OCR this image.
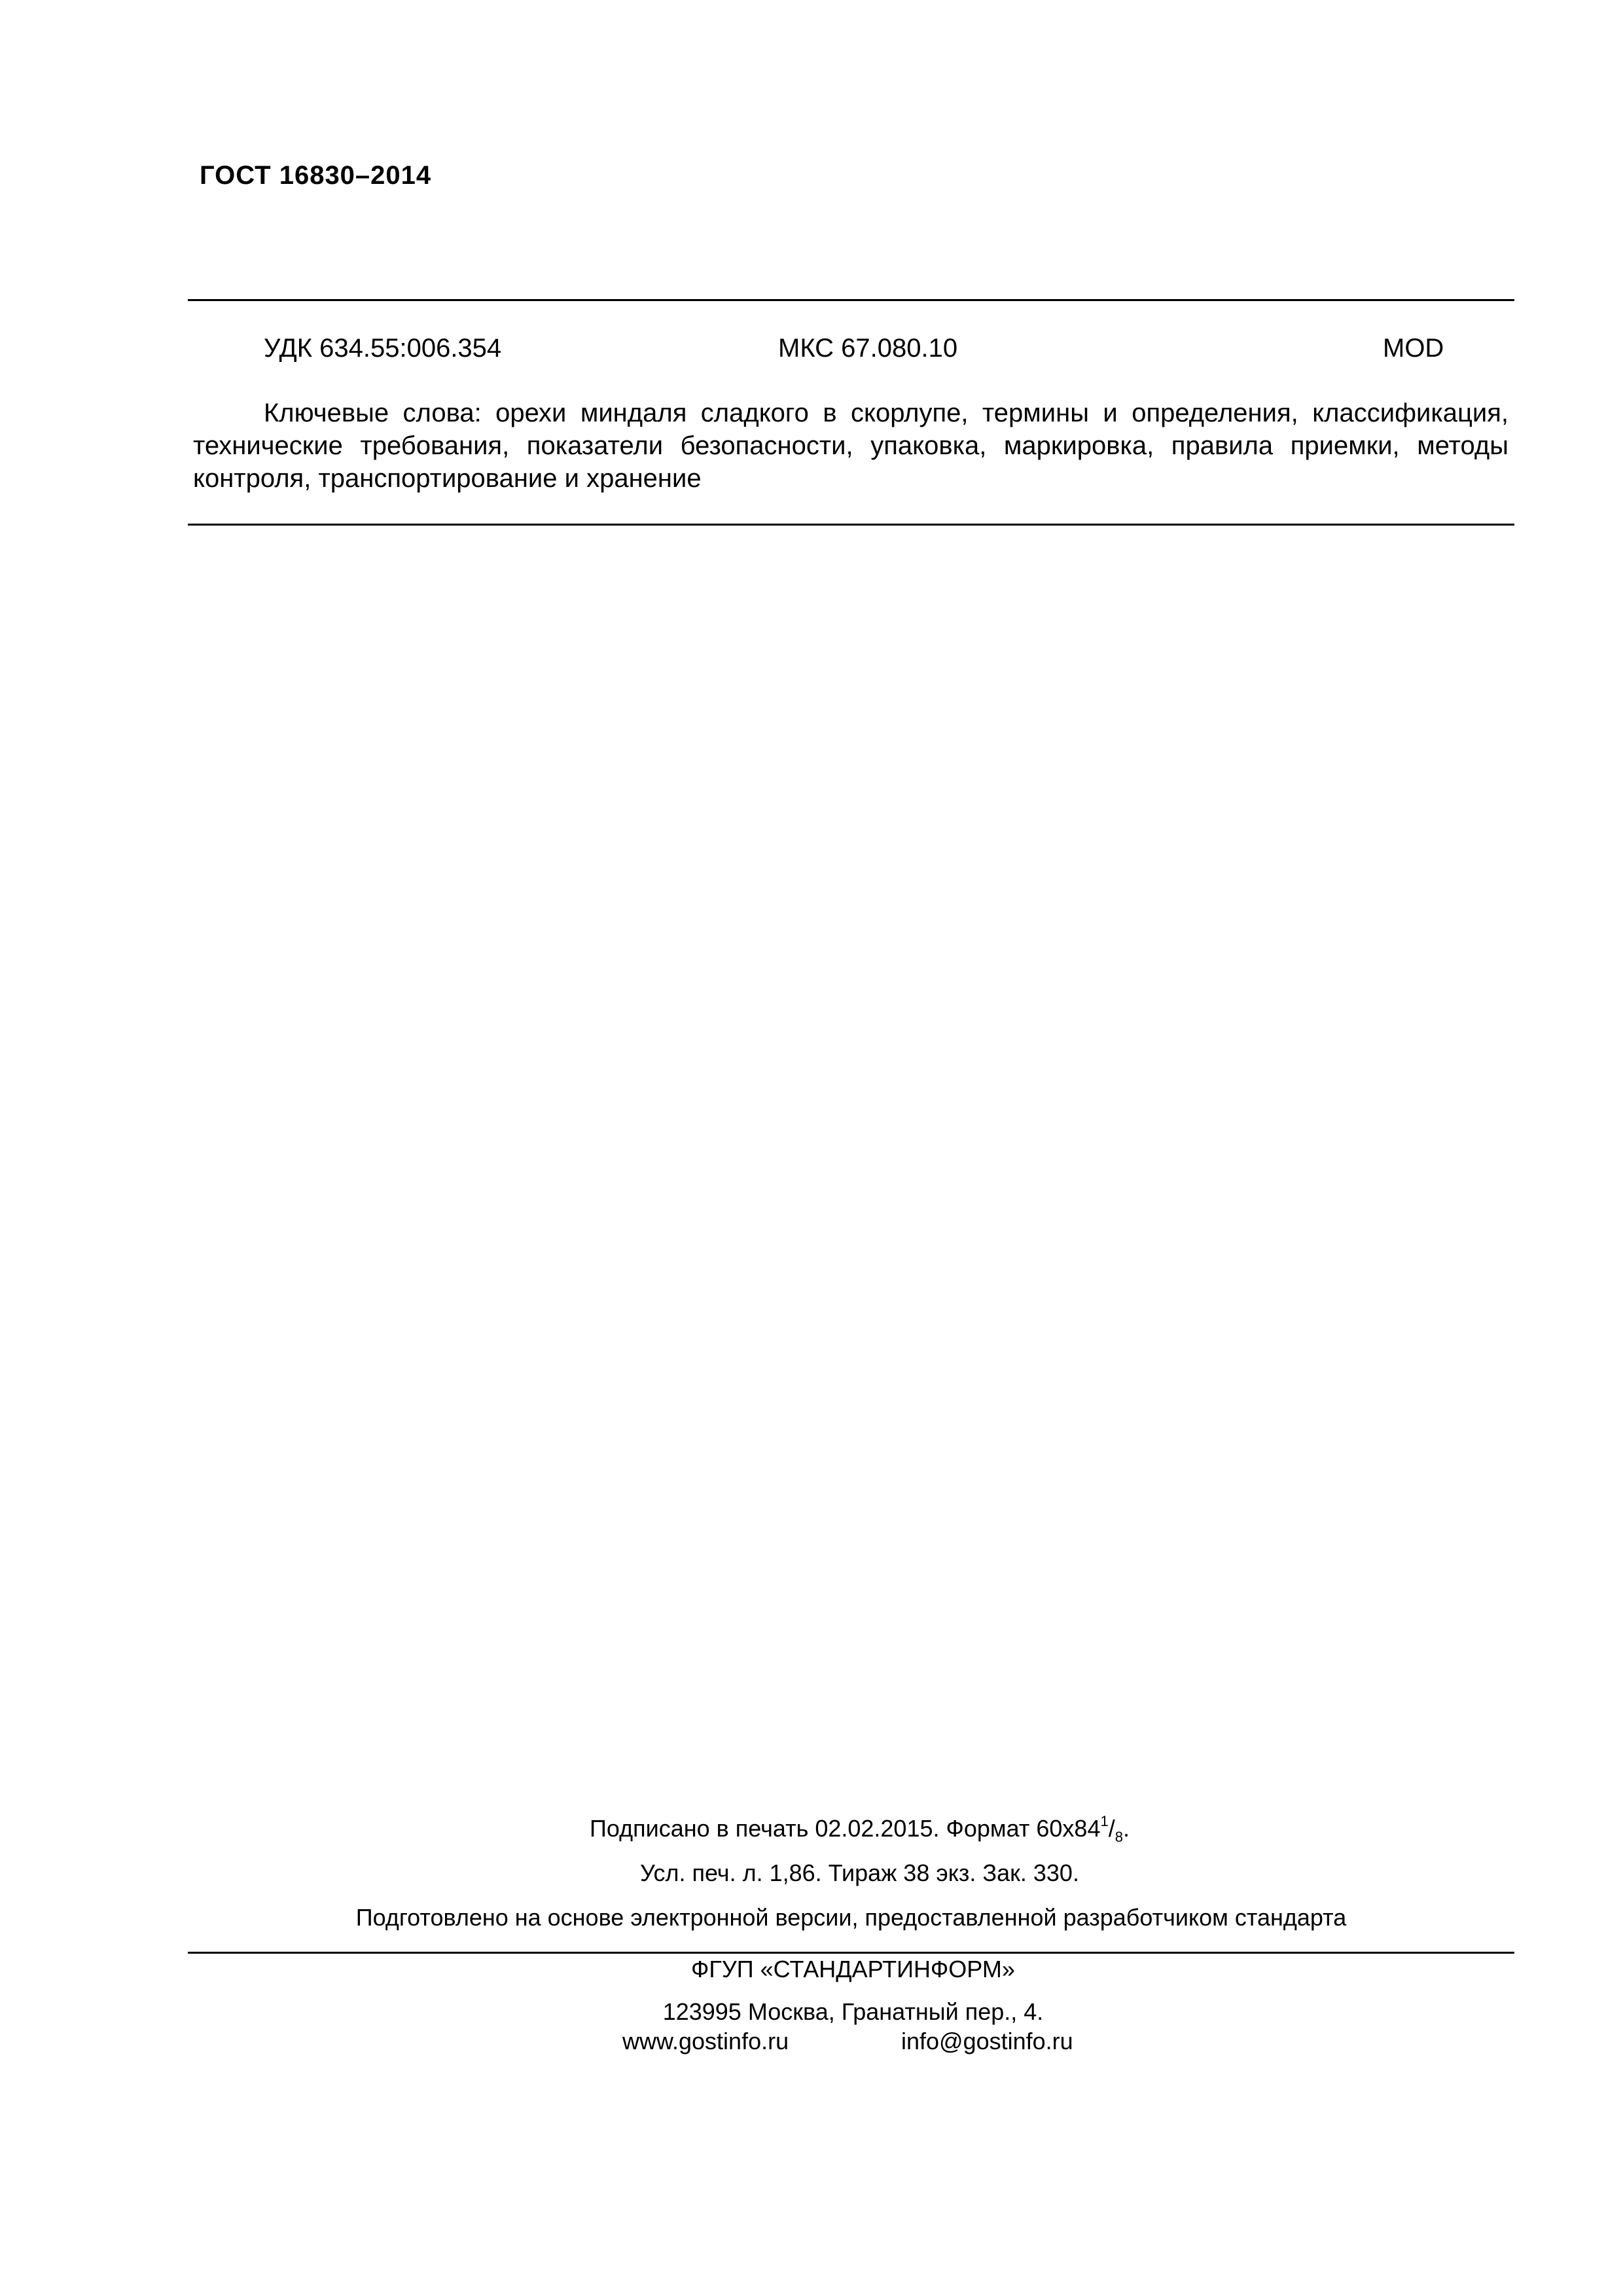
ГОСТ 16830–2014
УДК 634.55:006.354	МКС 67.080.10	MOD
Ключевые слова: орехи миндаля сладкого в скорлупе, термины и определения, классификация, технические требования, показатели безопасности, упаковка, маркировка, правила приемки, методы контроля, транспортирование и хранение
Подписано в печать 02.02.2015. Формат $60x84^1/_8$.
Усл. печ. л. 1,86. Тираж 38 экз. Зак. 330.
Подготовлено на основе электронной версии, предоставленной разработчиком стандарта
ФГУП «СТАНДАРТИНФОРМ»
123995 Москва, Гранатный пер., 4.
www.gostinfo.ru	info@gostinfo.ru
